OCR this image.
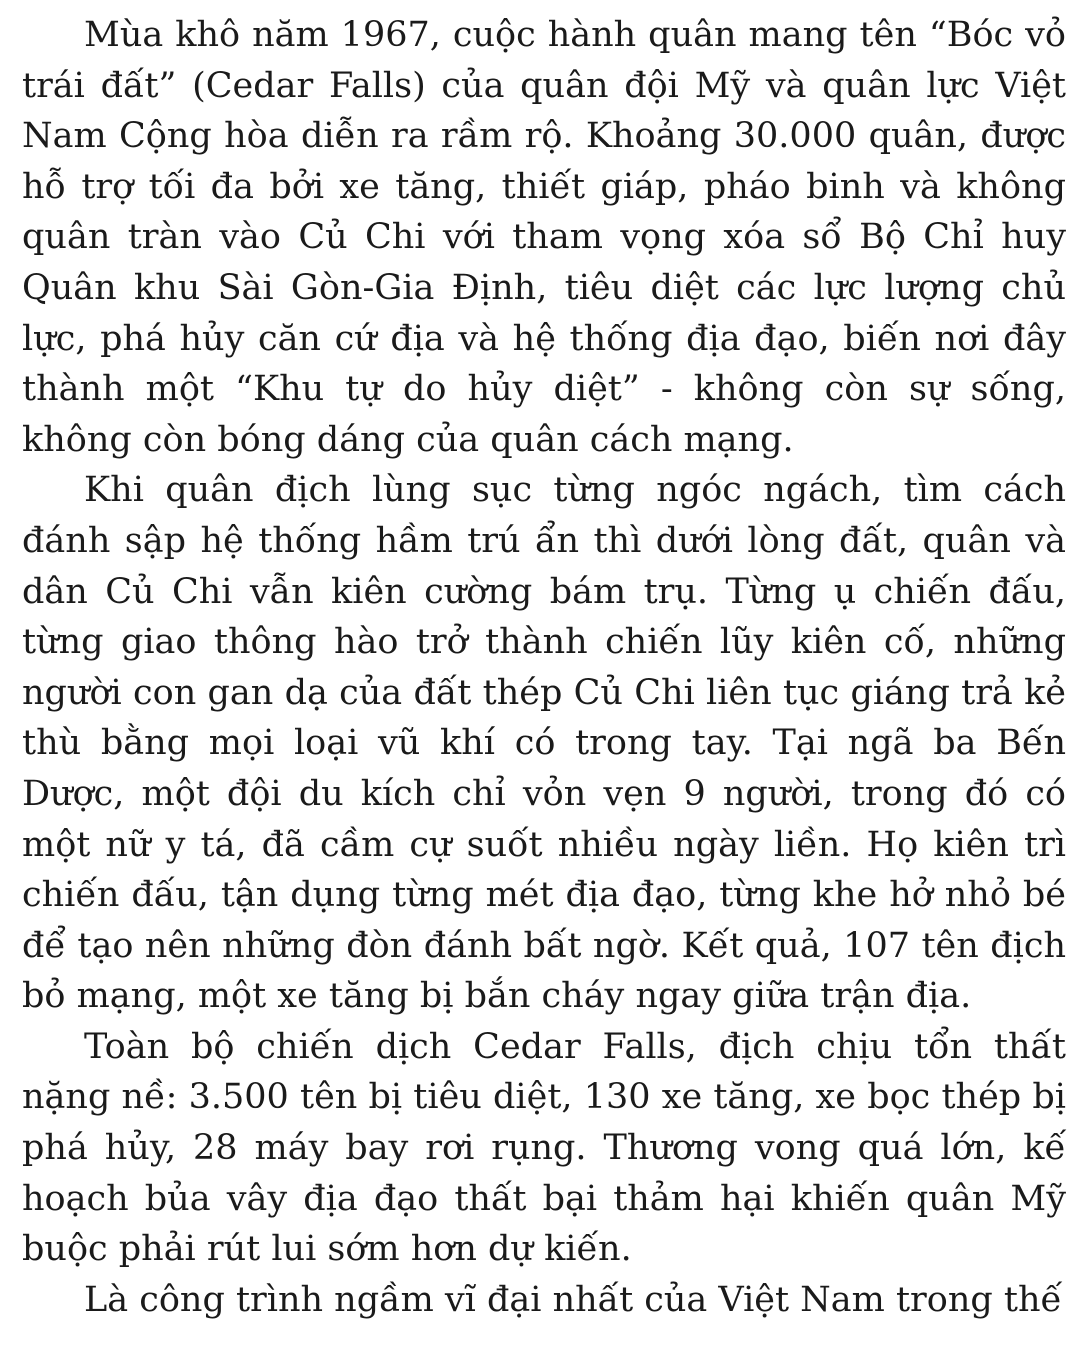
Mùa khô năm 1967, cuộc hành quân mang tên “Bóc vỏ trái đất” (Cedar Falls) của quân đội Mỹ và quân lực Việt Nam Cộng hòa diễn ra rầm rộ. Khoảng 30.000 quân, được hỗ trợ tối đa bởi xe tăng, thiết giáp, pháo binh và không quân tràn vào Củ Chi với tham vọng xóa sổ Bộ Chỉ huy Quân khu Sài Gòn-Gia Định, tiêu diệt các lực lượng chủ lực, phá hủy căn cứ địa và hệ thống địa đạo, biến nơi đây thành một “Khu tự do hủy diệt” - không còn sự sống, không còn bóng dáng của quân cách mạng.

Khi quân địch lùng sục từng ngóc ngách, tìm cách đánh sập hệ thống hầm trú ẩn thì dưới lòng đất, quân và dân Củ Chi vẫn kiên cường bám trụ. Từng ụ chiến đấu, từng giao thông hào trở thành chiến lũy kiên cố, những người con gan dạ của đất thép Củ Chi liên tục giáng trả kẻ thù bằng mọi loại vũ khí có trong tay. Tại ngã ba Bến Dược, một đội du kích chỉ vỏn vẹn 9 người, trong đó có một nữ y tá, đã cầm cự suốt nhiều ngày liền. Họ kiên trì chiến đấu, tận dụng từng mét địa đạo, từng khe hở nhỏ bé để tạo nên những đòn đánh bất ngờ. Kết quả, 107 tên địch bỏ mạng, một xe tăng bị bắn cháy ngay giữa trận địa.

Toàn bộ chiến dịch Cedar Falls, địch chịu tổn thất nặng nề: 3.500 tên bị tiêu diệt, 130 xe tăng, xe bọc thép bị phá hủy, 28 máy bay rơi rụng. Thương vong quá lớn, kế hoạch bủa vây địa đạo thất bại thảm hại khiến quân Mỹ buộc phải rút lui sớm hơn dự kiến.

Là công trình ngầm vĩ đại nhất của Việt Nam trong thế
